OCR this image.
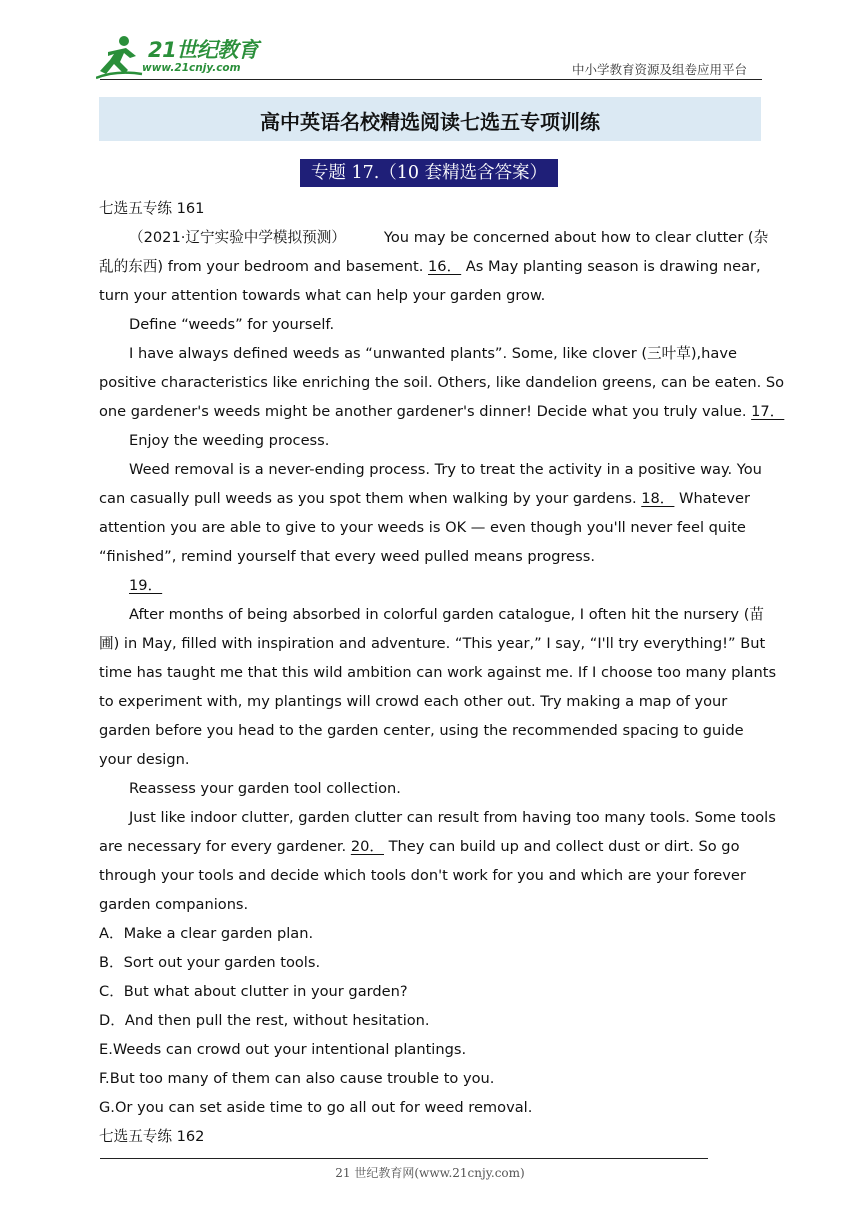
21世纪教育
www.21cnjy.com	中小学教育资源及组卷应用平台
高中英语名校精选阅读七选五专项训练
专题 17.（10 套精选含答案）

七选五专练 161

（2021·辽宁实验中学模拟预测）	You may be concerned about how to clear clutter (杂

乱的东西) from your bedroom and basement. 16． As May planting season is drawing near,

turn your attention towards what can help your garden grow.

Define “weeds” for yourself.

I have always defined weeds as “unwanted plants”. Some, like clover (三叶草),have

positive characteristics like enriching the soil. Others, like dandelion greens, can be eaten. So

one gardener's weeds might be another gardener's dinner! Decide what you truly value. 17．

Enjoy the weeding process.

Weed removal is a never-ending process. Try to treat the activity in a positive way. You

can casually pull weeds as you spot them when walking by your gardens. 18． Whatever

attention you are able to give to your weeds is OK — even though you'll never feel quite

“finished”, remind yourself that every weed pulled means progress.

19．

After months of being absorbed in colorful garden catalogue, I often hit the nursery (苗

圃) in May, filled with inspiration and adventure. “This year,” I say, “I'll try everything!” But

time has taught me that this wild ambition can work against me. If I choose too many plants

to experiment with, my plantings will crowd each other out. Try making a map of your

garden before you head to the garden center, using the recommended spacing to guide

your design.

Reassess your garden tool collection.

Just like indoor clutter, garden clutter can result from having too many tools. Some tools

are necessary for every gardener. 20． They can build up and collect dust or dirt. So go

through your tools and decide which tools don't work for you and which are your forever

garden companions.

A．Make a clear garden plan.

B．Sort out your garden tools.

C．But what about clutter in your garden?

D．And then pull the rest, without hesitation.

E.Weeds can crowd out your intentional plantings.

F.But too many of them can also cause trouble to you.

G.Or you can set aside time to go all out for weed removal.

七选五专练 162

21 世纪教育网(www.21cnjy.com)
